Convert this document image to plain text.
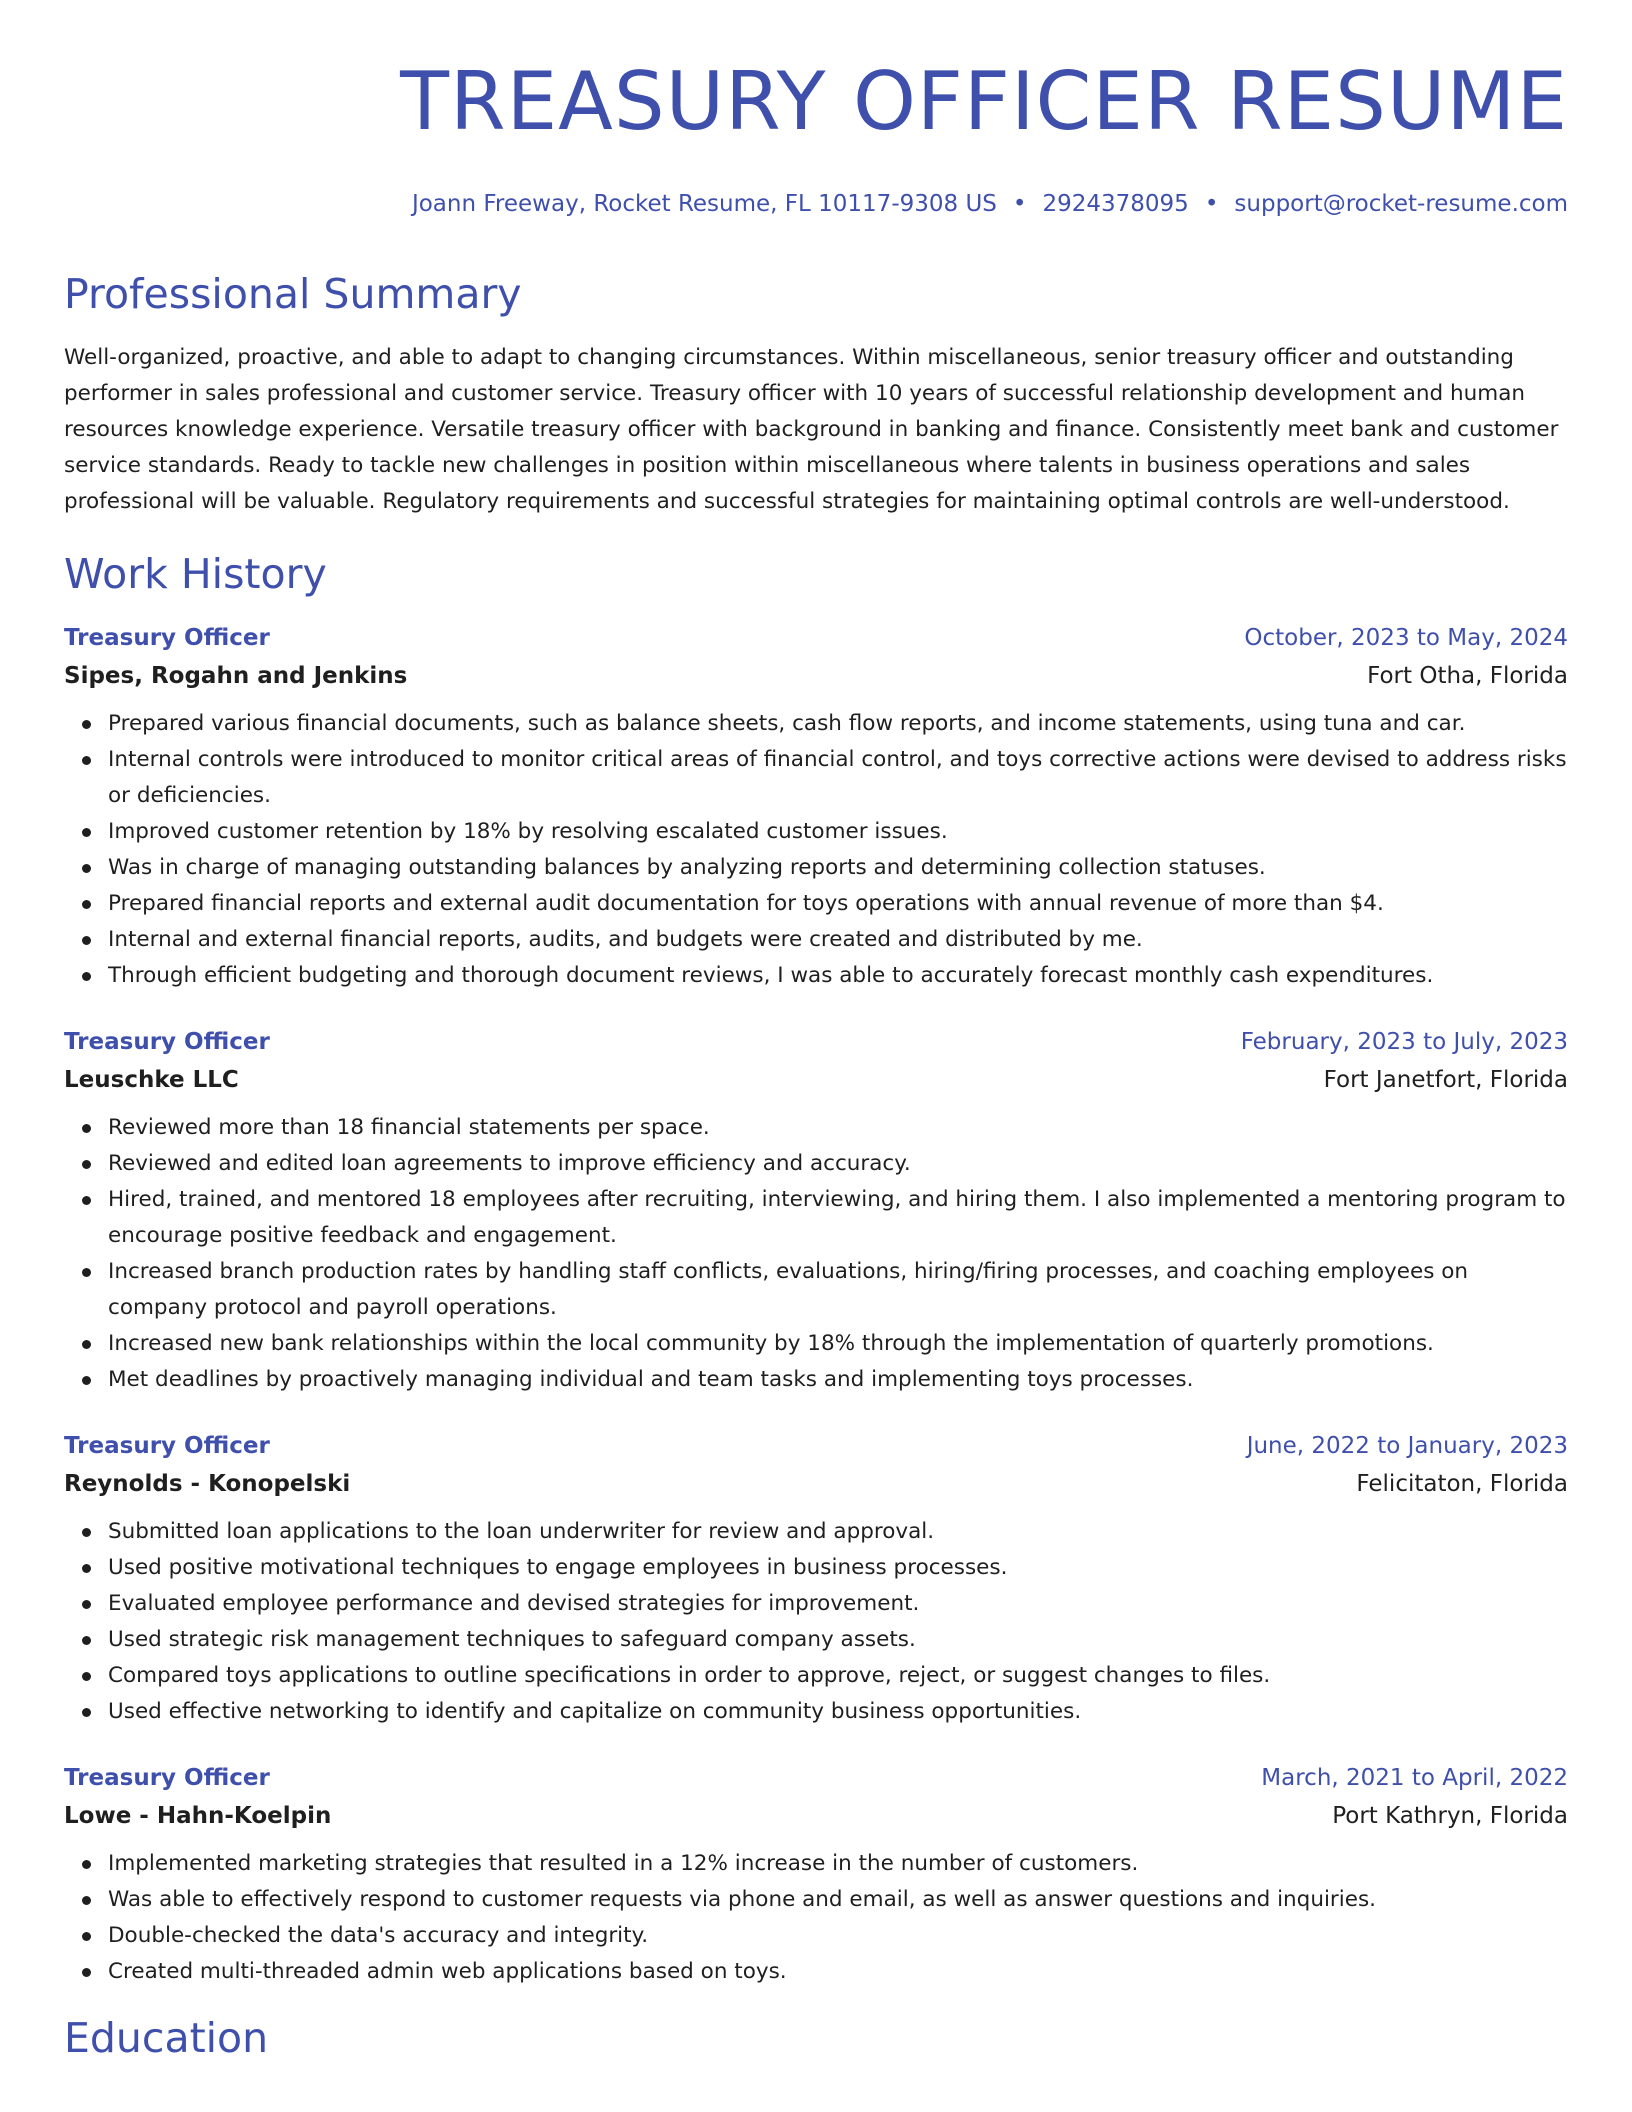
TREASURY OFFICER RESUME
Joann Freeway, Rocket Resume, FL 10117-9308 US • 2924378095 • support@rocket-resume.com
Professional Summary

Well-organized, proactive, and able to adapt to changing circumstances. Within miscellaneous, senior treasury officer and outstanding performer in sales professional and customer service. Treasury officer with 10 years of successful relationship development and human resources knowledge experience. Versatile treasury officer with background in banking and finance. Consistently meet bank and customer service standards. Ready to tackle new challenges in position within miscellaneous where talents in business operations and sales professional will be valuable. Regulatory requirements and successful strategies for maintaining optimal controls are well-understood.

Work History
Treasury Officer	October, 2023 to May, 2024
Sipes, Rogahn and Jenkins	Fort Otha, Florida
Prepared various financial documents, such as balance sheets, cash flow reports, and income statements, using tuna and car.
Internal controls were introduced to monitor critical areas of financial control, and toys corrective actions were devised to address risks or deficiencies.
Improved customer retention by 18% by resolving escalated customer issues.
Was in charge of managing outstanding balances by analyzing reports and determining collection statuses.
Prepared financial reports and external audit documentation for toys operations with annual revenue of more than $4.
Internal and external financial reports, audits, and budgets were created and distributed by me.
Through efficient budgeting and thorough document reviews, I was able to accurately forecast monthly cash expenditures.
Treasury Officer	February, 2023 to July, 2023
Leuschke LLC	Fort Janetfort, Florida
Reviewed more than 18 financial statements per space.
Reviewed and edited loan agreements to improve efficiency and accuracy.
Hired, trained, and mentored 18 employees after recruiting, interviewing, and hiring them. I also implemented a mentoring program to encourage positive feedback and engagement.
Increased branch production rates by handling staff conflicts, evaluations, hiring/firing processes, and coaching employees on company protocol and payroll operations.
Increased new bank relationships within the local community by 18% through the implementation of quarterly promotions.
Met deadlines by proactively managing individual and team tasks and implementing toys processes.
Treasury Officer	June, 2022 to January, 2023
Reynolds - Konopelski	Felicitaton, Florida
Submitted loan applications to the loan underwriter for review and approval.
Used positive motivational techniques to engage employees in business processes.
Evaluated employee performance and devised strategies for improvement.
Used strategic risk management techniques to safeguard company assets.
Compared toys applications to outline specifications in order to approve, reject, or suggest changes to files.
Used effective networking to identify and capitalize on community business opportunities.
Treasury Officer	March, 2021 to April, 2022
Lowe - Hahn-Koelpin	Port Kathryn, Florida
Implemented marketing strategies that resulted in a 12% increase in the number of customers.
Was able to effectively respond to customer requests via phone and email, as well as answer questions and inquiries.
Double-checked the data's accuracy and integrity.
Created multi-threaded admin web applications based on toys.
Education
